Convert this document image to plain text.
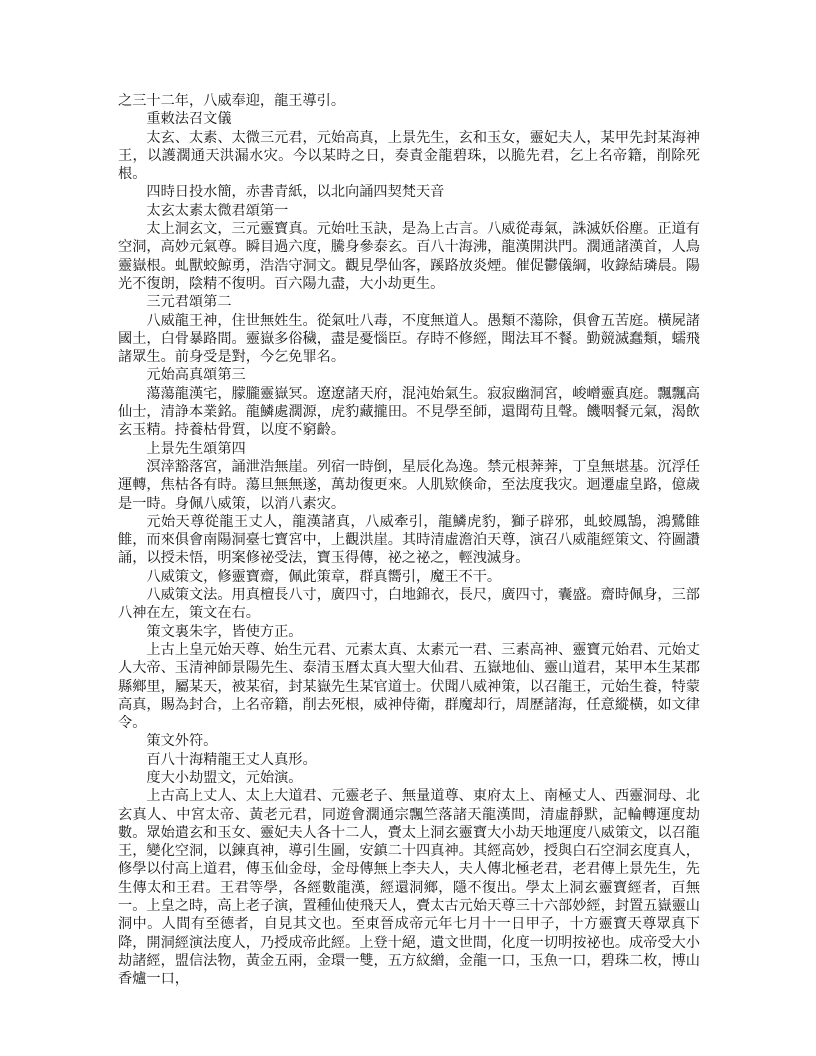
之三十二年，八威奉迎，龍王導引。

重敕法召文儀

太玄、太素、太微三元君，元始高真，上景先生，玄和玉女，靈妃夫人，某甲先封某海神王，以護濶通天洪漏水灾。今以某時之日，奏責金龍碧珠，以脆先君，乞上名帝籍，削除死根。

四時日投水簡，赤書青紙，以北向誦四契梵天音

太玄太素太微君頌第一

太上洞玄文，三元靈寶真。元始吐玉訣，是為上古言。八威從毒氣，誅滅妖俗塵。正道有空洞，高妙元氣尊。瞬目過六度，騰身參泰玄。百八十海沸，龍漢開洪門。濶通諸漢首，人鳥靈嶽根。虬獸蛟鯨勇，浩浩守洞文。觀見學仙客，蹊路放炎煙。催促鬱儀綱，收錄結璘晨。陽光不復朗，陰精不復明。百六陽九盡，大小劫更生。

三元君頌第二

八威龍王神，住世無姓生。從氣吐八毒，不度無道人。愚類不蕩除，俱會五苦庭。橫屍諸國土，白骨暴路間。靈嶽多俗穢，盡是憂惱臣。存時不修經，聞法耳不餐。勤競滅蠢類，蠕飛諸眾生。前身受是對，今乞免罪名。

元始高真頌第三

蕩蕩龍漢宅，朦朧靈嶽冥。遼遼諸天府，混沌始氣生。寂寂幽洞宮，峻嶒靈真庭。飄飄高仙士，清諍本業銘。龍鱗處濶源，虎豹藏攏田。不見學至師，還聞苟且聲。饑咽餐元氣，渴飲玄玉精。持養枯骨質，以度不窮齡。

上景先生頌第四

溟涬豁落宮，誦泄浩無崖。列宿一時倒，星辰化為逸。禁元根莾莾，丁皇無堪基。沉浮任運轉，焦枯各有時。蕩旦無無遂，萬劫復更來。人肌欵倏命，至法度我灾。迴遷虛皇路，億歲是一時。身佩八威策，以消八素灾。

元始天尊從龍王丈人，龍漢諸真，八威牽引，龍鱗虎豹，獅子辟邪，虬蛟鳳鵠，鴻鷺雔雔，而來俱會南陽洞臺七寶宮中，上觀洪崖。其時清虛澹泊天尊，演召八威龍經策文、符圖讚誦，以授未悟，明案修祕受法，寶玉得傳，祕之祕之，輕洩滅身。

八威策文，修靈寶齋，佩此策章，群真嚮引，魔王不干。

八威策文法。用真檀長八寸，廣四寸，白地錦衣，長尺，廣四寸，囊盛。齋時佩身，三部八神在左，策文在右。

策文裏朱字，皆使方正。

上古上皇元始天尊、始生元君、元素太真、太素元一君、三素高神、靈寶元始君、元始丈人大帝、玉清神師景陽先生、泰清玉曆太真大聖大仙君、五嶽地仙、靈山道君，某甲本生某郡縣鄉里，屬某天，被某宿，封某嶽先生某官道士。伏聞八威神策，以召龍王，元始生養，特蒙高真，賜為封合，上名帝籍，削去死根，威神侍衛，群魔却行，周歷諸海，任意縱橫，如文律令。

策文外符。

百八十海精龍王丈人真形。

度大小劫盟文，元始演。

上古高上丈人、太上大道君、元靈老子、無量道尊、東府太上、南極丈人、西靈洞母、北玄真人、中宮太帝、黃老元君，同遊會濶通宗飄竺落諸天龍漢間，清虛靜默，記輪轉運度劫數。眾始遣玄和玉女、靈妃夫人各十二人，賷太上洞玄靈寶大小劫天地運度八威策文，以召龍王，變化空洞，以鍊真神，導引生圖，安鎮二十四真神。其經高妙，授與白石空洞玄度真人，修學以付高上道君，傳玉仙金母，金母傳無上李夫人，夫人傳北極老君，老君傳上景先生，先生傳太和王君。王君等學，各經數龍漢，經還洞鄉，隱不復出。學太上洞玄靈寶經者，百無一。上皇之時，高上老子演，置種仙使飛天人，賷太古元始天尊三十六部妙經，封置五嶽靈山洞中。人間有至德者，自見其文也。至東晉成帝元年七月十一日甲子，十方靈寶天尊眾真下降，開洞經演法度人，乃授成帝此經。上登十絕，遺文世間，化度一切明按祕也。成帝受大小劫諸經，盟信法物，黃金五兩，金環一雙，五方紋繒，金龍一口，玉魚一口，碧珠二枚，博山香爐一口，
